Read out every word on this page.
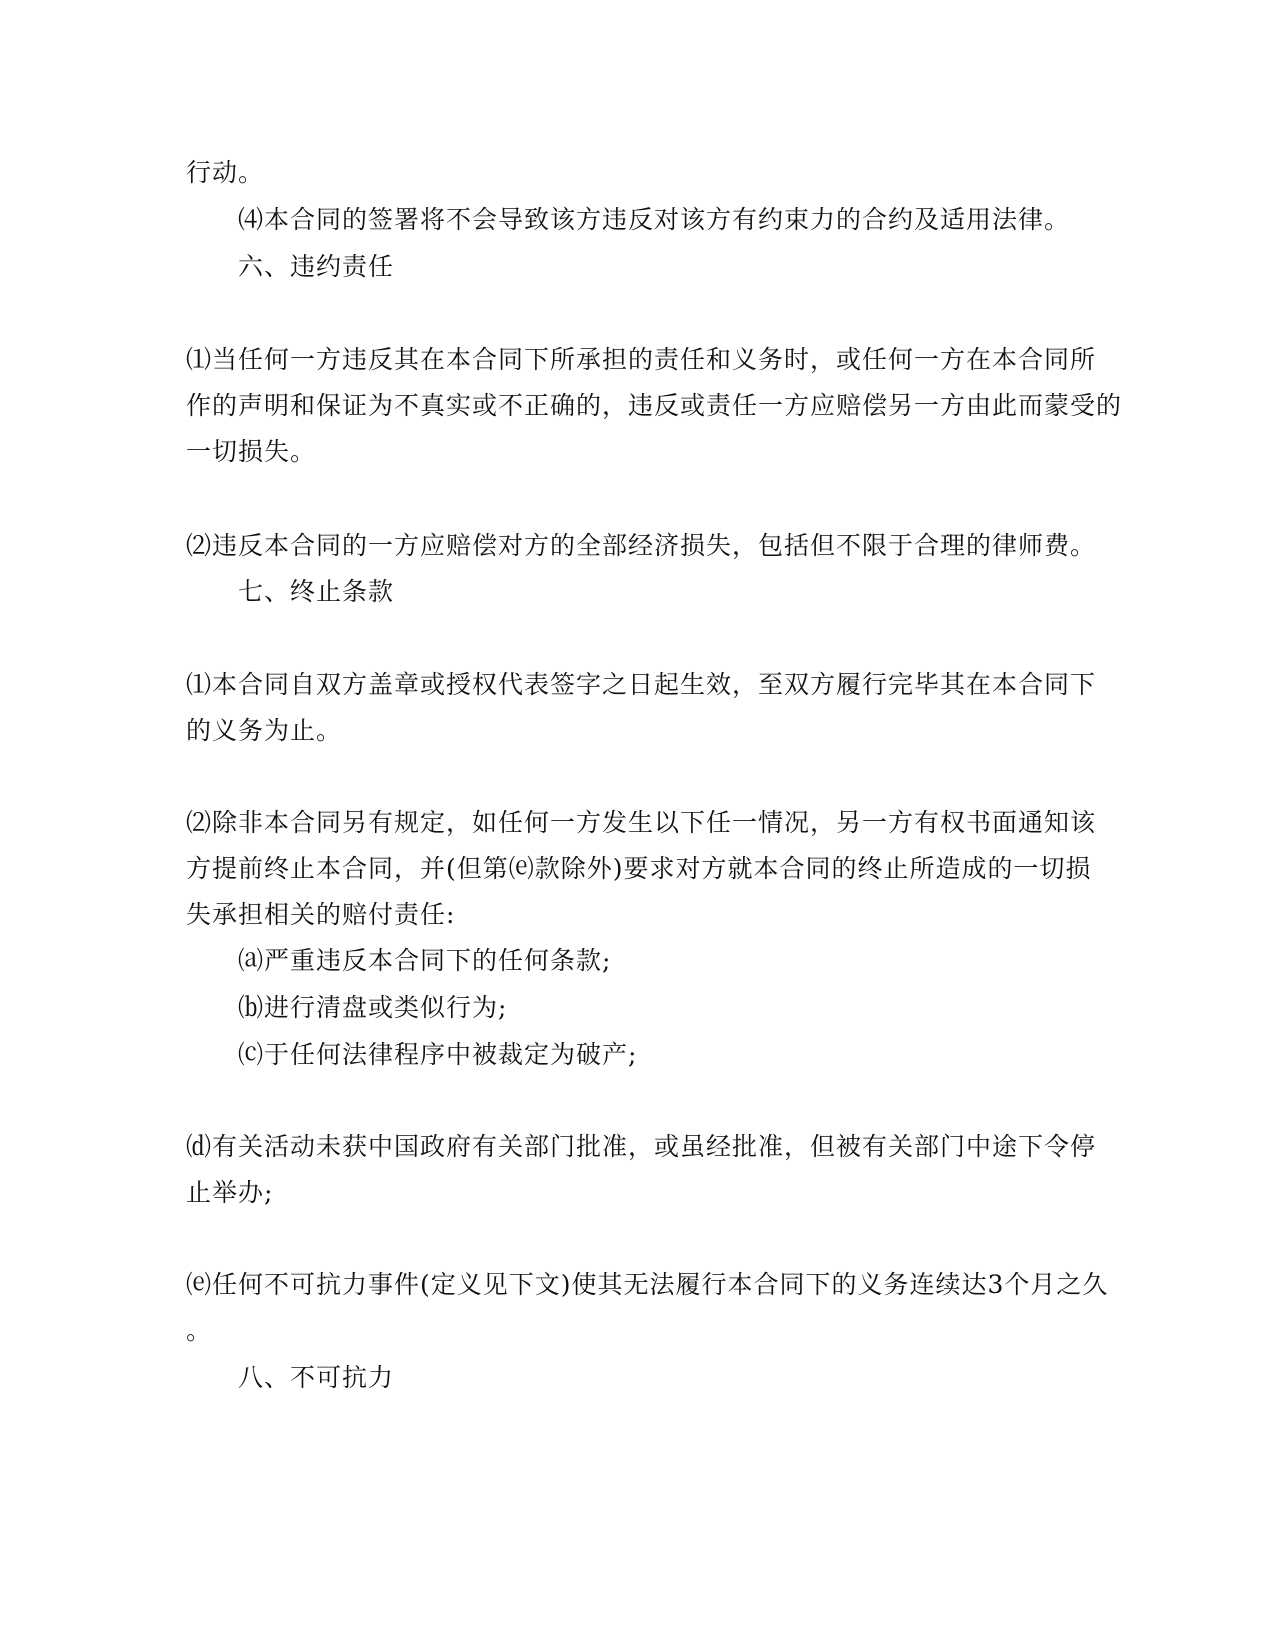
行动。
⑷本合同的签署将不会导致该方违反对该方有约束力的合约及适用法律。
六、违约责任
⑴当任何一方违反其在本合同下所承担的责任和义务时，或任何一方在本合同所
作的声明和保证为不真实或不正确的，违反或责任一方应赔偿另一方由此而蒙受的
一切损失。
⑵违反本合同的一方应赔偿对方的全部经济损失，包括但不限于合理的律师费。
七、终止条款
⑴本合同自双方盖章或授权代表签字之日起生效，至双方履行完毕其在本合同下
的义务为止。
⑵除非本合同另有规定，如任何一方发生以下任一情况，另一方有权书面通知该
方提前终止本合同，并(但第⒠款除外)要求对方就本合同的终止所造成的一切损
失承担相关的赔付责任:
⒜严重违反本合同下的任何条款;
⒝进行清盘或类似行为;
⒞于任何法律程序中被裁定为破产;
⒟有关活动未获中国政府有关部门批准，或虽经批准，但被有关部门中途下令停
止举办;
⒠任何不可抗力事件(定义见下文)使其无法履行本合同下的义务连续达3个月之久
。
八、不可抗力
